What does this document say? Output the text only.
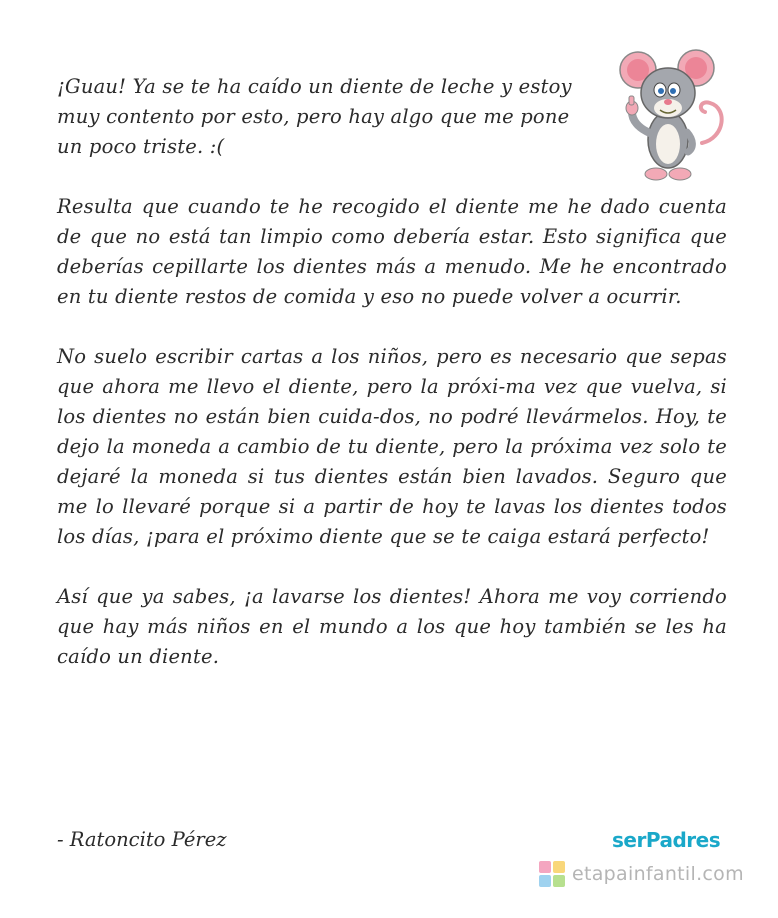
¡Guau! Ya se te ha caído un diente de leche y estoy muy contento por esto, pero hay algo que me pone un poco triste. :(

Resulta que cuando te he recogido el diente me he dado cuenta de que no está tan limpio como debería estar. Esto significa que deberías cepillarte los dientes más a menudo. Me he encontrado en tu diente restos de comida y eso no puede volver a ocurrir.

No suelo escribir cartas a los niños, pero es necesario que sepas que ahora me llevo el diente, pero la próxi-ma vez que vuelva, si los dientes no están bien cuida-dos, no podré llevármelos. Hoy, te dejo la moneda a cambio de tu diente, pero la próxima vez solo te dejaré la moneda si tus dientes están bien lavados. Seguro que me lo llevaré porque si a partir de hoy te lavas los dientes todos los días, ¡para el próximo diente que se te caiga estará perfecto!

Así que ya sabes, ¡a lavarse los dientes! Ahora me voy corriendo que hay más niños en el mundo a los que hoy también se les ha caído un diente.

- Ratoncito Pérez	serPadres
etapainfantil.com
